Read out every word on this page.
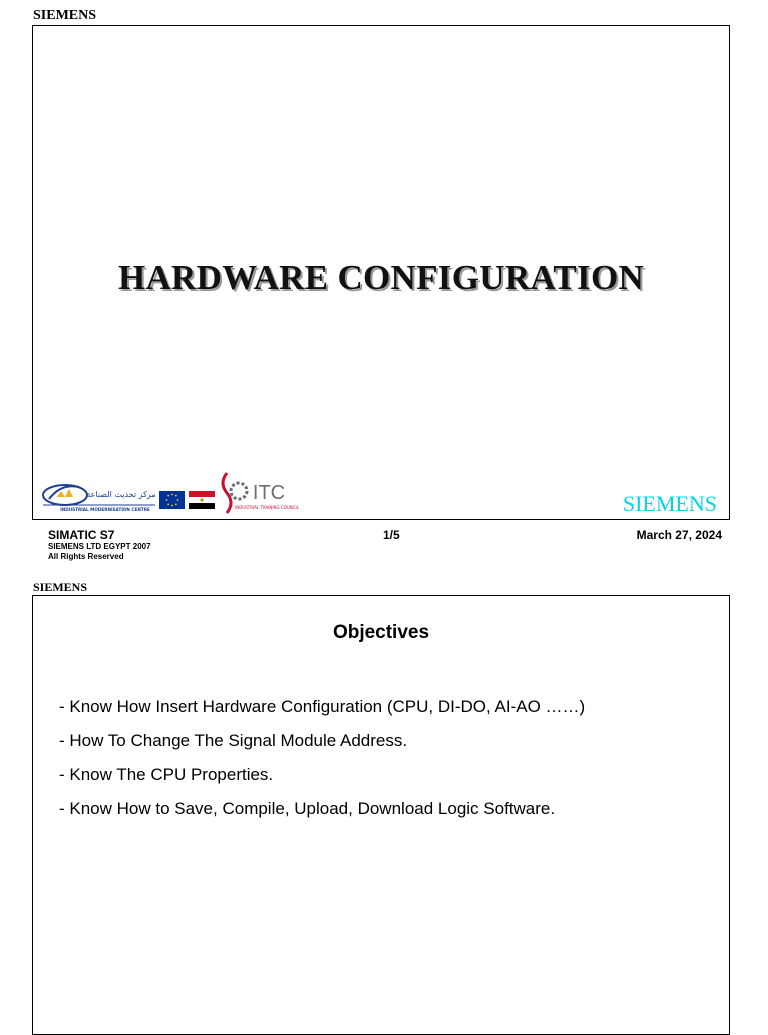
SIEMENS
HARDWARE CONFIGURATION
مركز تحديث الصناعة
INDUSTRIAL MODERNISATION CENTRE
ITC
INDUSTRIAL TRAINING COUNCIL	SIEMENS
SIMATIC S7
SIEMENS LTD EGYPT 2007
All Rights Reserved
1/5	March 27, 2024
SIEMENS
Objectives
- Know How Insert Hardware Configuration (CPU, DI-DO, AI-AO ……)
- How To Change The Signal Module Address.
- Know The CPU Properties.
- Know How to Save, Compile, Upload, Download Logic Software.
